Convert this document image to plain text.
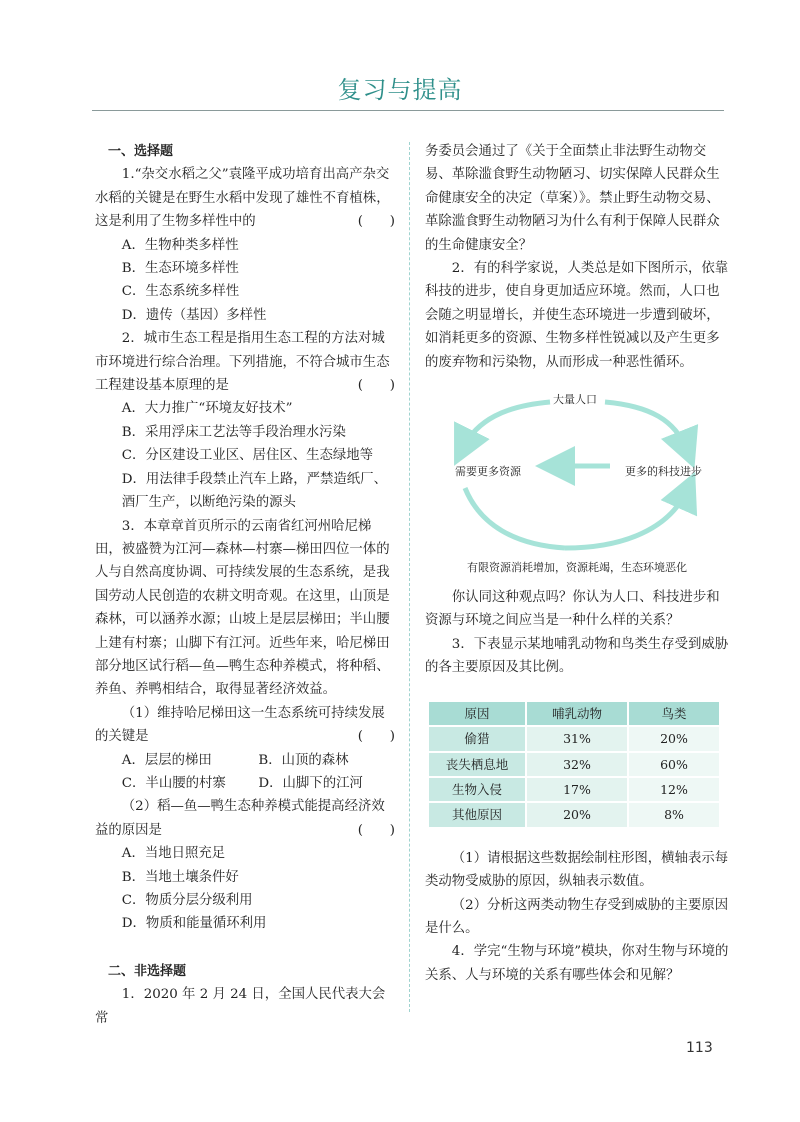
复习与提高

一、选择题

1.“杂交水稻之父”袁隆平成功培育出高产杂交水稻的关键是在野生水稻中发现了雄性不育植株，这是利用了生物多样性中的	(　　)

A．生物种类多样性

B．生态环境多样性

C．生态系统多样性

D．遗传（基因）多样性

2．城市生态工程是指用生态工程的方法对城市环境进行综合治理。下列措施，不符合城市生态工程建设基本原理的是	(　　)

A．大力推广“环境友好技术”

B．采用浮床工艺法等手段治理水污染

C．分区建设工业区、居住区、生态绿地等

D．用法律手段禁止汽车上路，严禁造纸厂、酒厂生产，以断绝污染的源头

3．本章章首页所示的云南省红河州哈尼梯田，被盛赞为江河—森林—村寨—梯田四位一体的人与自然高度协调、可持续发展的生态系统，是我国劳动人民创造的农耕文明奇观。在这里，山顶是森林，可以涵养水源；山坡上是层层梯田；半山腰上建有村寨；山脚下有江河。近些年来，哈尼梯田部分地区试行稻—鱼—鸭生态种养模式，将种稻、养鱼、养鸭相结合，取得显著经济效益。

（1）维持哈尼梯田这一生态系统可持续发展的关键是	(　　)

A．层层的梯田	B．山顶的森林
C．半山腰的村寨	D．山脚下的江河

（2）稻—鱼—鸭生态种养模式能提高经济效益的原因是	(　　)

A．当地日照充足

B．当地土壤条件好

C．物质分层分级利用

D．物质和能量循环利用

二、非选择题

1．2020 年 2 月 24 日，全国人民代表大会常

务委员会通过了《关于全面禁止非法野生动物交易、革除滥食野生动物陋习、切实保障人民群众生命健康安全的决定（草案）》。禁止野生动物交易、革除滥食野生动物陋习为什么有利于保障人民群众的生命健康安全？

2．有的科学家说，人类总是如下图所示，依靠科技的进步，使自身更加适应环境。然而，人口也会随之明显增长，并使生态环境进一步遭到破坏，如消耗更多的资源、生物多样性锐减以及产生更多的废弃物和污染物，从而形成一种恶性循环。

大量人口
需要更多资源	更多的科技进步
有限资源消耗增加，资源耗竭，生态环境恶化

你认同这种观点吗？你认为人口、科技进步和资源与环境之间应当是一种什么样的关系？

3．下表显示某地哺乳动物和鸟类生存受到威胁的各主要原因及其比例。

原因	哺乳动物	鸟类
偷猎	31%	20%
丧失栖息地	32%	60%
生物入侵	17%	12%
其他原因	20%	8%

（1）请根据这些数据绘制柱形图，横轴表示每类动物受威胁的原因，纵轴表示数值。

（2）分析这两类动物生存受到威胁的主要原因是什么。

4．学完“生物与环境”模块，你对生物与环境的关系、人与环境的关系有哪些体会和见解？

113
